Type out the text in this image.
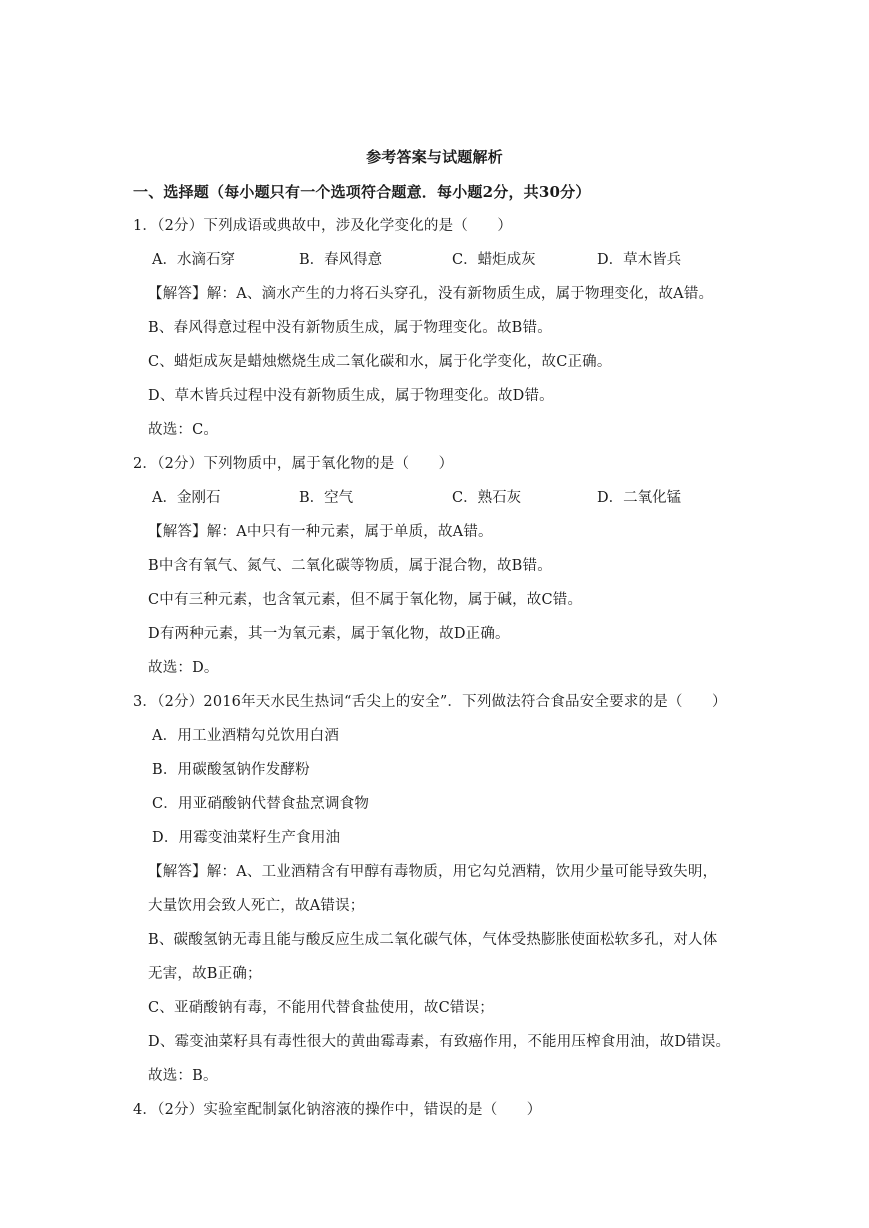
参考答案与试题解析
一、选择题（每小题只有一个选项符合题意．每小题2分，共30分）
1．（2分）下列成语或典故中，涉及化学变化的是（　　）
A．水滴石穿	B．春风得意	C．蜡炬成灰	D．草木皆兵
【解答】解：A、滴水产生的力将石头穿孔，没有新物质生成，属于物理变化，故A错。
B、春风得意过程中没有新物质生成，属于物理变化。故B错。
C、蜡炬成灰是蜡烛燃烧生成二氧化碳和水，属于化学变化，故C正确。
D、草木皆兵过程中没有新物质生成，属于物理变化。故D错。
故选：C。
2．（2分）下列物质中，属于氧化物的是（　　）
A．金刚石	B．空气	C．熟石灰	D．二氧化锰
【解答】解：A中只有一种元素，属于单质，故A错。
B中含有氧气、氮气、二氧化碳等物质，属于混合物，故B错。
C中有三种元素，也含氧元素，但不属于氧化物，属于碱，故C错。
D有两种元素，其一为氧元素，属于氧化物，故D正确。
故选：D。
3．（2分）2016年天水民生热词“舌尖上的安全”．下列做法符合食品安全要求的是（　　）
A．用工业酒精勾兑饮用白酒
B．用碳酸氢钠作发酵粉
C．用亚硝酸钠代替食盐烹调食物
D．用霉变油菜籽生产食用油
【解答】解：A、工业酒精含有甲醇有毒物质，用它勾兑酒精，饮用少量可能导致失明，
大量饮用会致人死亡，故A错误；
B、碳酸氢钠无毒且能与酸反应生成二氧化碳气体，气体受热膨胀使面松软多孔，对人体
无害，故B正确；
C、亚硝酸钠有毒，不能用代替食盐使用，故C错误；
D、霉变油菜籽具有毒性很大的黄曲霉毒素，有致癌作用，不能用压榨食用油，故D错误。
故选：B。
4．（2分）实验室配制氯化钠溶液的操作中，错误的是（　　）
